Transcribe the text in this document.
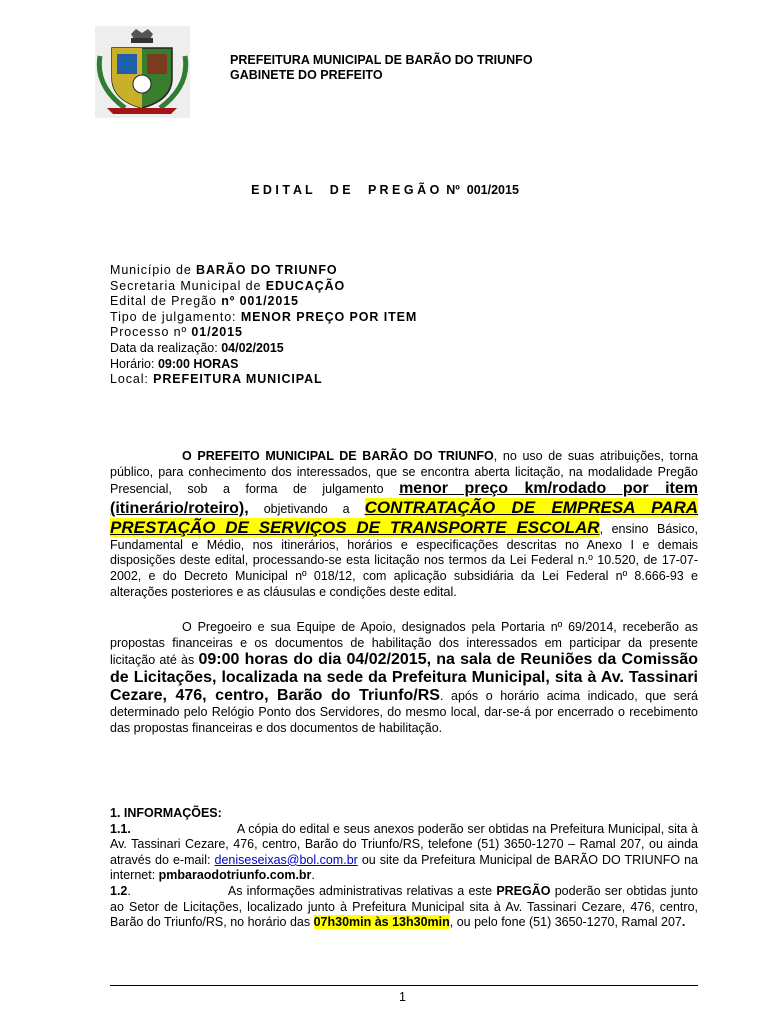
PREFEITURA MUNICIPAL DE BARÃO DO TRIUNFO
GABINETE DO PREFEITO
E D I T A L     D E     P R E G Ã O  Nº  001/2015
Município de BARÃO DO TRIUNFO
Secretaria Municipal de EDUCAÇÃO
Edital de Pregão nº 001/2015
Tipo de julgamento: MENOR PREÇO POR ITEM
Processo nº 01/2015
Data da realização: 04/02/2015
Horário: 09:00 HORAS
Local: PREFEITURA MUNICIPAL
O PREFEITO MUNICIPAL DE BARÃO DO TRIUNFO, no uso de suas atribuições, torna público, para conhecimento dos interessados, que se encontra aberta licitação, na modalidade Pregão Presencial, sob a forma de julgamento menor preço km/rodado por item (itinerário/roteiro), objetivando a CONTRATAÇÃO DE EMPRESA PARA PRESTAÇÃO DE SERVIÇOS DE TRANSPORTE ESCOLAR, ensino Básico, Fundamental e Médio, nos itinerários, horários e especificações descritas no Anexo I e demais disposições deste edital, processando-se esta licitação nos termos da Lei Federal n.º 10.520, de 17-07-2002, e do Decreto Municipal nº 018/12, com aplicação subsidiária da Lei Federal nº 8.666-93 e alterações posteriores e as cláusulas e condições deste edital.
O Pregoeiro e sua Equipe de Apoio, designados pela Portaria nº 69/2014, receberão as propostas financeiras e os documentos de habilitação dos interessados em participar da presente licitação até às 09:00 horas do dia 04/02/2015, na sala de Reuniões da Comissão de Licitações, localizada na sede da Prefeitura Municipal, sita à Av. Tassinari Cezare, 476, centro, Barão do Triunfo/RS. após o horário acima indicado, que será determinado pelo Relógio Ponto dos Servidores, do mesmo local, dar-se-á por encerrado o recebimento das propostas financeiras e dos documentos de habilitação.
1. INFORMAÇÕES:
1.1.	A cópia do edital e seus anexos poderão ser obtidas na Prefeitura Municipal, sita à Av. Tassinari Cezare, 476, centro, Barão do Triunfo/RS, telefone (51) 3650-1270 – Ramal 207, ou ainda através do e-mail: deniseseixas@bol.com.br ou site da Prefeitura Municipal de BARÃO DO TRIUNFO na internet: pmbaraodotriunfo.com.br.
1.2.	As informações administrativas relativas a este PREGÃO poderão ser obtidas junto ao Setor de Licitações, localizado junto à Prefeitura Municipal sita à Av. Tassinari Cezare, 476, centro, Barão do Triunfo/RS, no horário das 07h30min às 13h30min, ou pelo fone (51) 3650-1270, Ramal 207.
1
